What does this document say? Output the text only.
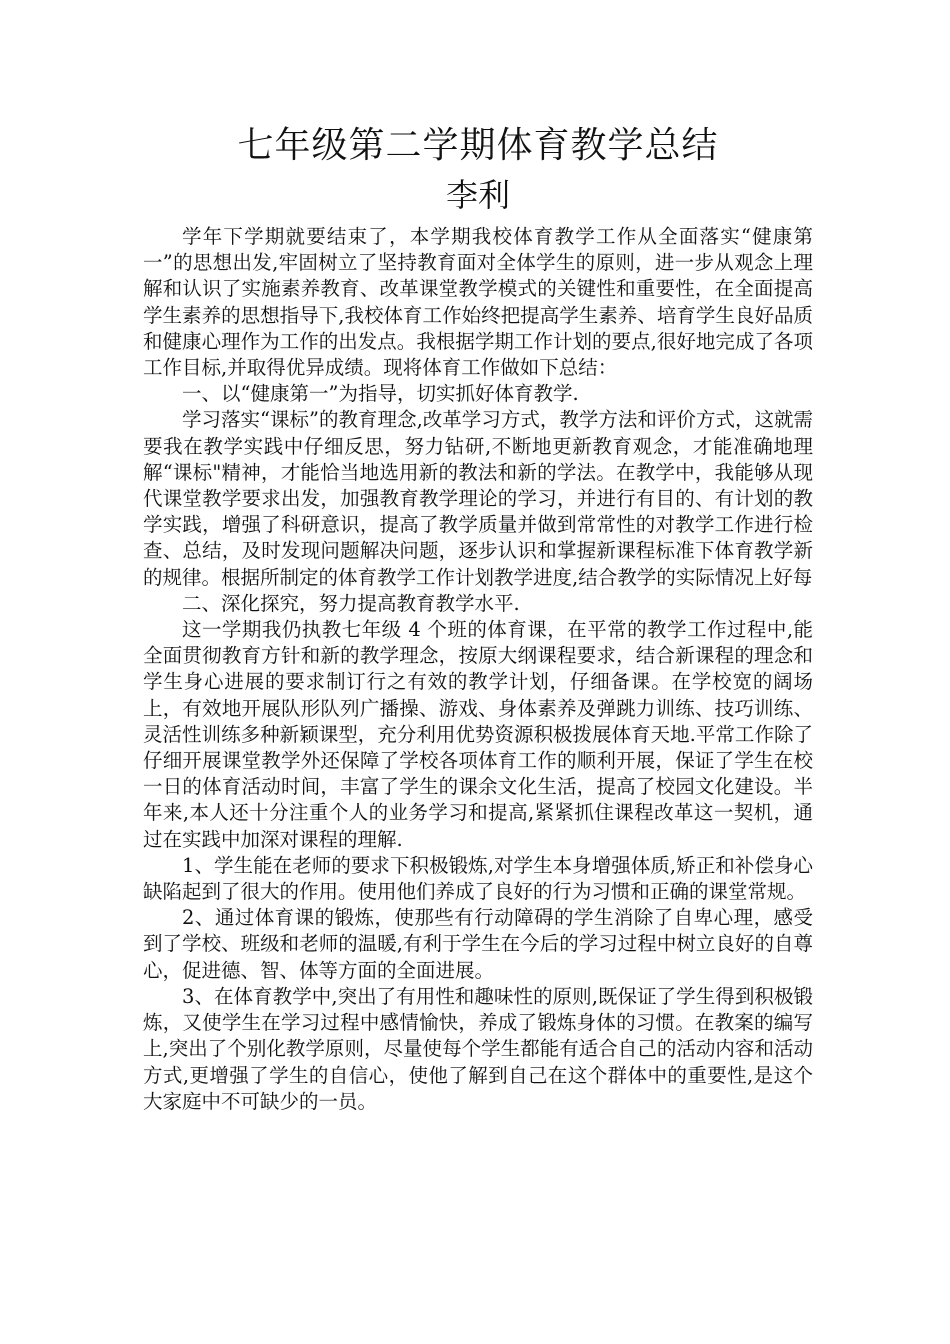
七年级第二学期体育教学总结
李利

学年下学期就要结束了，本学期我校体育教学工作从全面落实“健康第一”的思想出发,牢固树立了坚持教育面对全体学生的原则，进一步从观念上理解和认识了实施素养教育、改革课堂教学模式的关键性和重要性，在全面提高学生素养的思想指导下,我校体育工作始终把提高学生素养、培育学生良好品质和健康心理作为工作的出发点。我根据学期工作计划的要点,很好地完成了各项工作目标,并取得优异成绩。现将体育工作做如下总结：

一、以“健康第一”为指导，切实抓好体育教学.

学习落实“课标”的教育理念,改革学习方式，教学方法和评价方式，这就需要我在教学实践中仔细反思，努力钻研,不断地更新教育观念，才能准确地理解“课标"精神，才能恰当地选用新的教法和新的学法。在教学中，我能够从现代课堂教学要求出发，加强教育教学理论的学习，并进行有目的、有计划的教学实践，增强了科研意识，提高了教学质量并做到常常性的对教学工作进行检查、总结，及时发现问题解决问题，逐步认识和掌握新课程标准下体育教学新的规律。根据所制定的体育教学工作计划教学进度,结合教学的实际情况上好每

二、深化探究，努力提高教育教学水平.

这一学期我仍执教七年级 4 个班的体育课，在平常的教学工作过程中,能全面贯彻教育方针和新的教学理念，按原大纲课程要求，结合新课程的理念和学生身心进展的要求制订行之有效的教学计划，仔细备课。在学校宽的阔场上，有效地开展队形队列广播操、游戏、身体素养及弹跳力训练、技巧训练、灵活性训练多种新颖课型，充分利用优势资源积极拨展体育天地.平常工作除了仔细开展课堂教学外还保障了学校各项体育工作的顺利开展，保证了学生在校一日的体育活动时间，丰富了学生的课余文化生活，提高了校园文化建设。半年来,本人还十分注重个人的业务学习和提高,紧紧抓住课程改革这一契机，通过在实践中加深对课程的理解.

1、学生能在老师的要求下积极锻炼,对学生本身增强体质,矫正和补偿身心缺陷起到了很大的作用。使用他们养成了良好的行为习惯和正确的课堂常规。

2、通过体育课的锻炼，使那些有行动障碍的学生消除了自卑心理，感受到了学校、班级和老师的温暖,有利于学生在今后的学习过程中树立良好的自尊心，促进德、智、体等方面的全面进展。

3、在体育教学中,突出了有用性和趣味性的原则,既保证了学生得到积极锻炼，又使学生在学习过程中感情愉快，养成了锻炼身体的习惯。在教案的编写上,突出了个别化教学原则，尽量使每个学生都能有适合自己的活动内容和活动方式,更增强了学生的自信心，使他了解到自己在这个群体中的重要性,是这个大家庭中不可缺少的一员。
